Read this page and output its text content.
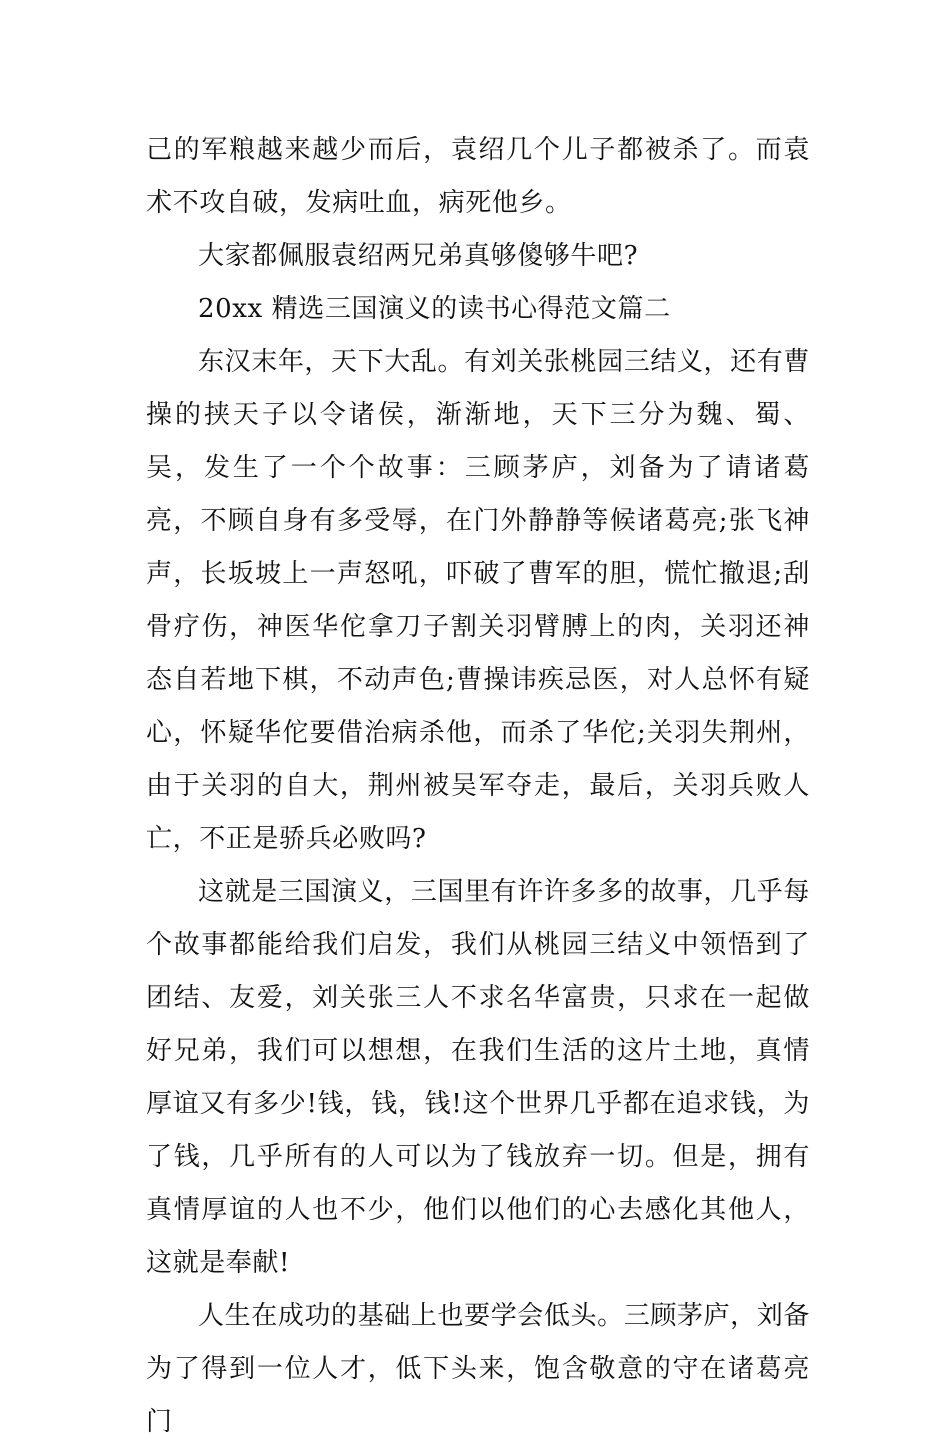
己的军粮越来越少而后，袁绍几个儿子都被杀了。而袁术不攻自破，发病吐血，病死他乡。

大家都佩服袁绍两兄弟真够傻够牛吧?

20xx 精选三国演义的读书心得范文篇二

东汉末年，天下大乱。有刘关张桃园三结义，还有曹操的挟天子以令诸侯，渐渐地，天下三分为魏、蜀、吴，发生了一个个故事：三顾茅庐，刘备为了请诸葛亮，不顾自身有多受辱，在门外静静等候诸葛亮;张飞神声，长坂坡上一声怒吼，吓破了曹军的胆，慌忙撤退;刮骨疗伤，神医华佗拿刀子割关羽臂膊上的肉，关羽还神态自若地下棋，不动声色;曹操讳疾忌医，对人总怀有疑心，怀疑华佗要借治病杀他，而杀了华佗;关羽失荆州，由于关羽的自大，荆州被吴军夺走，最后，关羽兵败人亡，不正是骄兵必败吗?

这就是三国演义，三国里有许许多多的故事，几乎每个故事都能给我们启发，我们从桃园三结义中领悟到了团结、友爱，刘关张三人不求名华富贵，只求在一起做好兄弟，我们可以想想，在我们生活的这片土地，真情厚谊又有多少!钱，钱，钱!这个世界几乎都在追求钱，为了钱，几乎所有的人可以为了钱放弃一切。但是，拥有真情厚谊的人也不少，他们以他们的心去感化其他人，这就是奉献!

人生在成功的基础上也要学会低头。三顾茅庐，刘备为了得到一位人才，低下头来，饱含敬意的守在诸葛亮门
